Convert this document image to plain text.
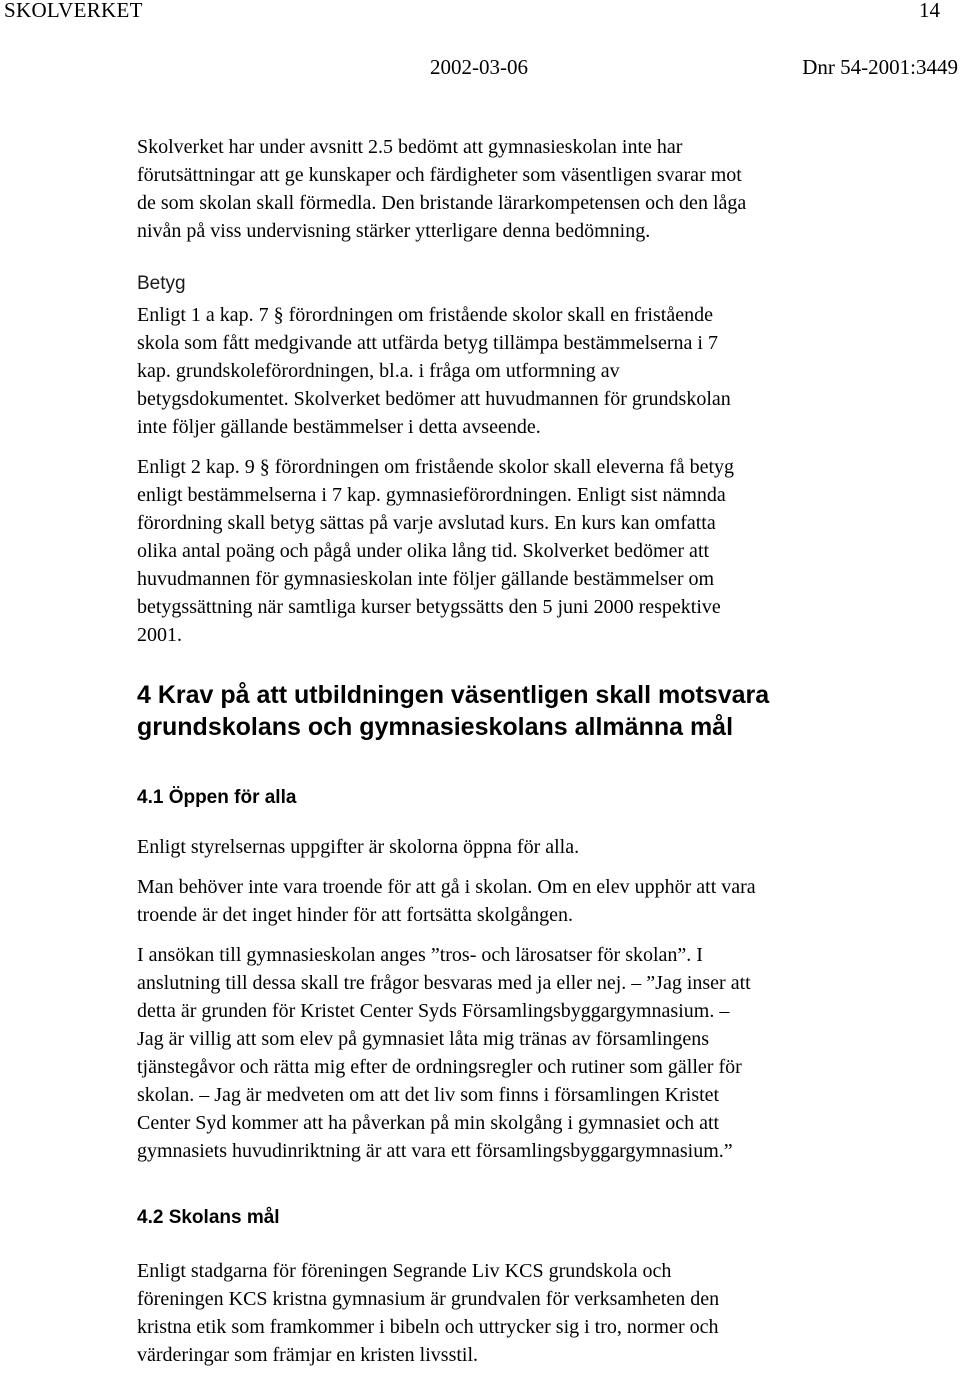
SKOLVERKET	14
2002-03-06	Dnr 54-2001:3449

Skolverket har under avsnitt 2.5 bedömt att gymnasieskolan inte har
förutsättningar att ge kunskaper och färdigheter som väsentligen svarar mot
de som skolan skall förmedla. Den bristande lärarkompetensen och den låga
nivån på viss undervisning stärker ytterligare denna bedömning.

Betyg

Enligt 1 a kap. 7 § förordningen om fristående skolor skall en fristående
skola som fått medgivande att utfärda betyg tillämpa bestämmelserna i 7
kap. grundskoleförordningen, bl.a. i fråga om utformning av
betygsdokumentet. Skolverket bedömer att huvudmannen för grundskolan
inte följer gällande bestämmelser i detta avseende.

Enligt 2 kap. 9 § förordningen om fristående skolor skall eleverna få betyg
enligt bestämmelserna i 7 kap. gymnasieförordningen. Enligt sist nämnda
förordning skall betyg sättas på varje avslutad kurs. En kurs kan omfatta
olika antal poäng och pågå under olika lång tid. Skolverket bedömer att
huvudmannen för gymnasieskolan inte följer gällande bestämmelser om
betygssättning när samtliga kurser betygssätts den 5 juni 2000 respektive
2001.

4 Krav på att utbildningen väsentligen skall motsvara
grundskolans och gymnasieskolans allmänna mål
4.1 Öppen för alla

Enligt styrelsernas uppgifter är skolorna öppna för alla.

Man behöver inte vara troende för att gå i skolan. Om en elev upphör att vara
troende är det inget hinder för att fortsätta skolgången.

I ansökan till gymnasieskolan anges ”tros- och lärosatser för skolan”. I
anslutning till dessa skall tre frågor besvaras med ja eller nej. – ”Jag inser att
detta är grunden för Kristet Center Syds Församlingsbyggargymnasium. –
Jag är villig att som elev på gymnasiet låta mig tränas av församlingens
tjänstegåvor och rätta mig efter de ordningsregler och rutiner som gäller för
skolan. – Jag är medveten om att det liv som finns i församlingen Kristet
Center Syd kommer att ha påverkan på min skolgång i gymnasiet och att
gymnasiets huvudinriktning är att vara ett församlingsbyggargymnasium.”

4.2 Skolans mål

Enligt stadgarna för föreningen Segrande Liv KCS grundskola och
föreningen KCS kristna gymnasium är grundvalen för verksamheten den
kristna etik som framkommer i bibeln och uttrycker sig i tro, normer och
värderingar som främjar en kristen livsstil.
